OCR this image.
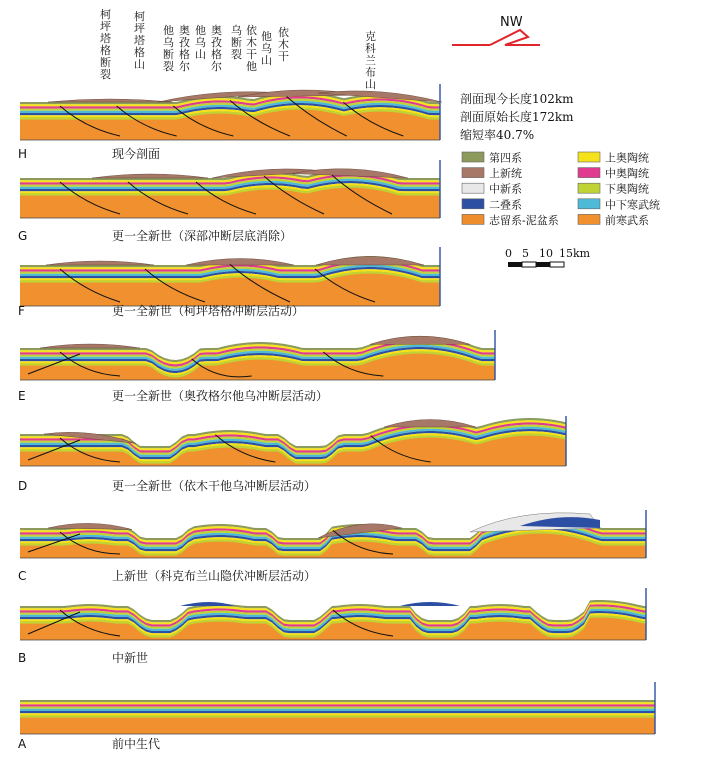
NW
柯坪塔格断裂
柯坪塔格山
他乌断裂
奥孜格尔
他乌山
奥孜格尔
乌断裂
依木干他
他乌山
依木干
克科兰布山
剖面现今长度102km
剖面原始长度172km
缩短率40.7%
第四系	上奥陶统
上新统	中奥陶统
中新系	下奥陶统
二叠系	中下寒武统
志留系-泥盆系	前寒武系
0 5 10 15km
H	现今剖面
G	更一全新世（深部冲断层底消除）
F	更一全新世（柯坪塔格冲断层活动）
E	更一全新世（奥孜格尔他乌冲断层活动）
D	更一全新世（依木干他乌冲断层活动）
C	上新世（科克布兰山隐伏冲断层活动）
B	中新世
A	前中生代
